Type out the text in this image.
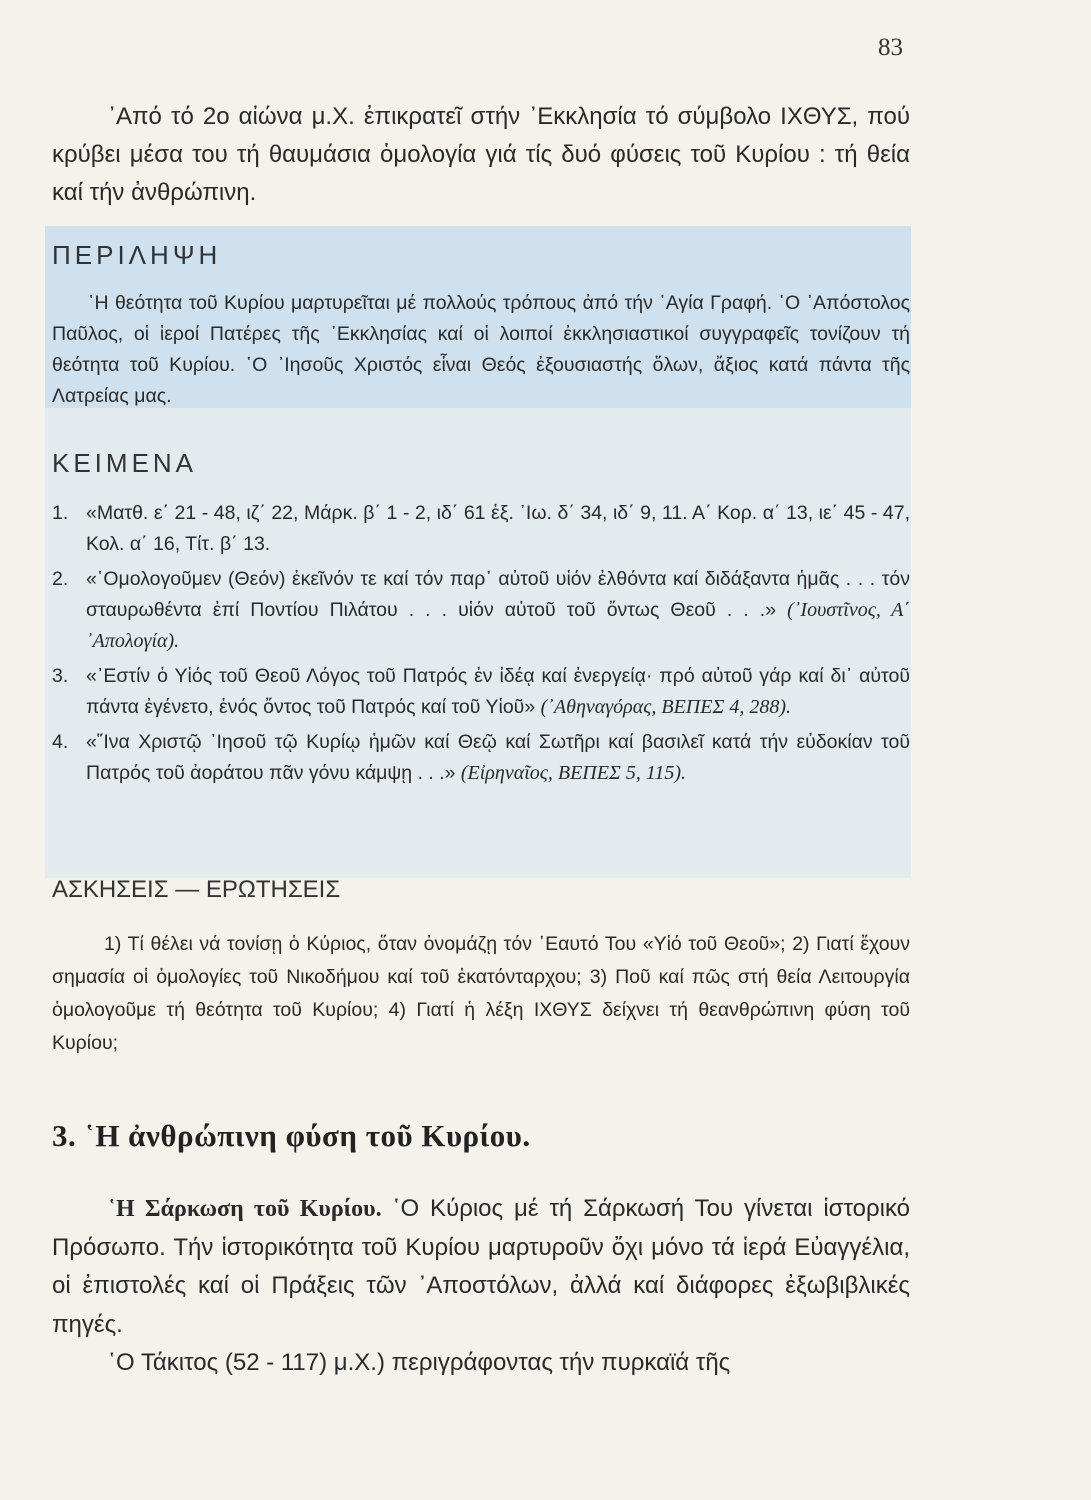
83
᾿Από τό 2ο αἰώνα μ.Χ. ἐπικρατεῖ στήν ᾿Εκκλησία τό σύμβολο ΙΧΘΥΣ, πού κρύβει μέσα του τή θαυμάσια ὁμολογία γιά τίς δυό φύσεις τοῦ Κυρίου : τή θεία καί τήν ἀνθρώπινη.
ΠΕΡΙΛΗΨΗ
῾Η θεότητα τοῦ Κυρίου μαρτυρεῖται μέ πολλούς τρόπους ἀπό τήν ῾Αγία Γραφή. ῾Ο ᾿Απόστολος Παῦλος, οἱ ἱεροί Πατέρες τῆς ᾿Εκκλησίας καί οἱ λοιποί ἐκκλησιαστικοί συγγραφεῖς τονίζουν τή θεότητα τοῦ Κυρίου. ῾Ο ᾿Ιησοῦς Χριστός εἶναι Θεός ἐξουσιαστής ὅλων, ἄξιος κατά πάντα τῆς Λατρείας μας.
ΚΕΙΜΕΝΑ
1. «Ματθ. ε΄ 21 - 48, ιζ΄ 22, Μάρκ. β΄ 1 - 2, ιδ΄ 61 ἑξ. ᾿Ιω. δ΄ 34, ιδ΄ 9, 11. Α΄ Κορ. α΄ 13, ιε΄ 45 - 47, Κολ. α΄ 16, Τίτ. β΄ 13.
2. «῾Ομολογοῦμεν (Θεόν) ἐκεῖνόν τε καί τόν παρ᾿ αὐτοῦ υἱόν ἐλθόντα καί διδάξαντα ἡμᾶς . . . τόν σταυρωθέντα ἐπί Ποντίου Πιλάτου . . . υἱόν αὐτοῦ τοῦ ὄντως Θεοῦ . . .» (᾿Ιουστῖνος, Α΄ ᾿Απολογία).
3. «᾿Εστίν ὁ Υἱός τοῦ Θεοῦ Λόγος τοῦ Πατρός ἐν ἰδέᾳ καί ἐνεργείᾳ· πρό αὐτοῦ γάρ καί δι᾿ αὐτοῦ πάντα ἐγένετο, ἑνός ὄντος τοῦ Πατρός καί τοῦ Υἱοῦ» (᾿Αθηναγόρας, ΒΕΠΕΣ 4, 288).
4. «῞Ινα Χριστῷ ᾿Ιησοῦ τῷ Κυρίῳ ἡμῶν καί Θεῷ καί Σωτῆρι καί βασιλεῖ κατά τήν εὐδοκίαν τοῦ Πατρός τοῦ ἀοράτου πᾶν γόνυ κάμψῃ . . .» (Εἰρηναῖος, ΒΕΠΕΣ 5, 115).
ΑΣΚΗΣΕΙΣ — ΕΡΩΤΗΣΕΙΣ
1) Τί θέλει νά τονίσῃ ὁ Κύριος, ὅταν ὀνομάζῃ τόν ῾Εαυτό Του «Υἱό τοῦ Θεοῦ»; 2) Γιατί ἔχουν σημασία οἱ ὁμολογίες τοῦ Νικοδήμου καί τοῦ ἑκατόνταρχου; 3) Ποῦ καί πῶς στή θεία Λειτουργία ὁμολογοῦμε τή θεότητα τοῦ Κυρίου; 4) Γιατί ἡ λέξη ΙΧΘΥΣ δείχνει τή θεανθρώπινη φύση τοῦ Κυρίου;
3. ῾Η ἀνθρώπινη φύση τοῦ Κυρίου.

῾Η Σάρκωση τοῦ Κυρίου. ῾Ο Κύριος μέ τή Σάρκωσή Του γίνεται ἱστορικό Πρόσωπο. Τήν ἱστορικότητα τοῦ Κυρίου μαρτυροῦν ὄχι μόνο τά ἱερά Εὐαγγέλια, οἱ ἐπιστολές καί οἱ Πράξεις τῶν ᾿Αποστόλων, ἀλλά καί διάφορες ἐξωβιβλικές πηγές.

῾Ο Τάκιτος (52 - 117) μ.Χ.) περιγράφοντας τήν πυρκαϊά τῆς
